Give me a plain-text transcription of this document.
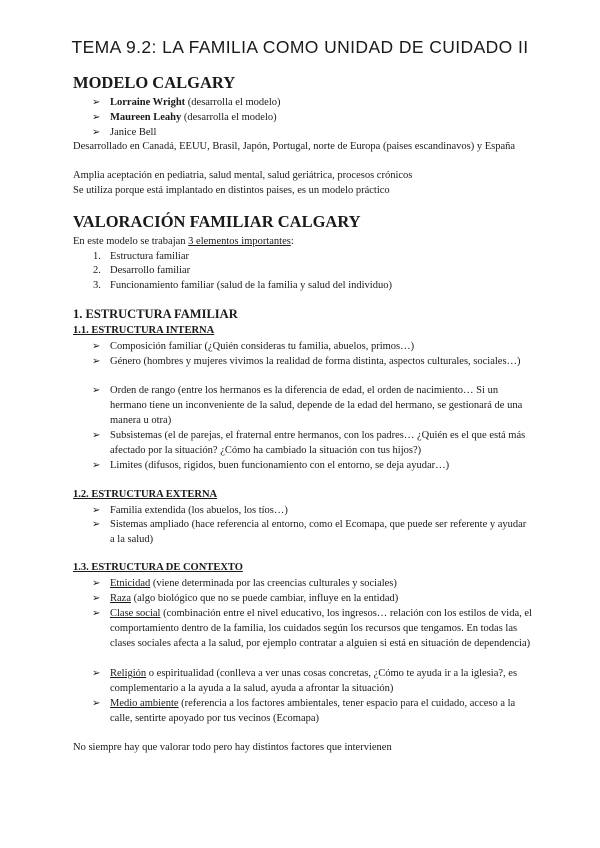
TEMA 9.2: LA FAMILIA COMO UNIDAD DE CUIDADO II
MODELO CALGARY
➢ Lorraine Wright (desarrolla el modelo)
➢ Maureen Leahy (desarrolla el modelo)
➢ Janice Bell
Desarrollado en Canadá, EEUU, Brasil, Japón, Portugal, norte de Europa (paises escandinavos) y España
Amplia aceptación en pediatria, salud mental, salud geriátrica, procesos crónicos
Se utiliza porque está implantado en distintos paises, es un modelo práctico
VALORACIÓN FAMILIAR CALGARY
En este modelo se trabajan 3 elementos importantes:
1. Estructura familiar
2. Desarrollo familiar
3. Funcionamiento familiar (salud de la familia y salud del individuo)
1. ESTRUCTURA FAMILIAR
1.1. ESTRUCTURA INTERNA
➢ Composición familiar (¿Quién consideras tu familia, abuelos, primos…)
➢ Género (hombres y mujeres vivimos la realidad de forma distinta, aspectos culturales, sociales…)
➢ Orden de rango (entre los hermanos es la diferencia de edad, el orden de nacimiento… Si un hermano tiene un inconveniente de la salud, depende de la edad del hermano, se gestionará de una manera u otra)
➢ Subsistemas (el de parejas, el fraternal entre hermanos, con los padres… ¿Quién es el que está más afectado por la situación? ¿Cómo ha cambiado la situación con tus hijos?)
➢ Limites (difusos, rigidos, buen funcionamiento con el entorno, se deja ayudar…)
1.2. ESTRUCTURA EXTERNA
➢ Familia extendida (los abuelos, los tíos…)
➢ Sistemas ampliado (hace referencia al entorno, como el Ecomapa, que puede ser referente y ayudar a la salud)
1.3. ESTRUCTURA DE CONTEXTO
➢ Etnicidad (viene determinada por las creencias culturales y sociales)
➢ Raza (algo biológico que no se puede cambiar, influye en la entidad)
➢ Clase social (combinación entre el nivel educativo, los ingresos… relación con los estilos de vida, el comportamiento dentro de la familia, los cuidados según los recursos que tengamos. En todas las clases sociales afecta a la salud, por ejemplo contratar a alguien si está en situación de dependencia)
➢ Religión o espiritualidad (conlleva a ver unas cosas concretas, ¿Cómo te ayuda ir a la iglesia?, es complementario a la ayuda a la salud, ayuda a afrontar la situación)
➢ Medio ambiente (referencia a los factores ambientales, tener espacio para el cuidado, acceso a la calle, sentirte apoyado por tus vecinos (Ecomapa)
No siempre hay que valorar todo pero hay distintos factores que intervienen
